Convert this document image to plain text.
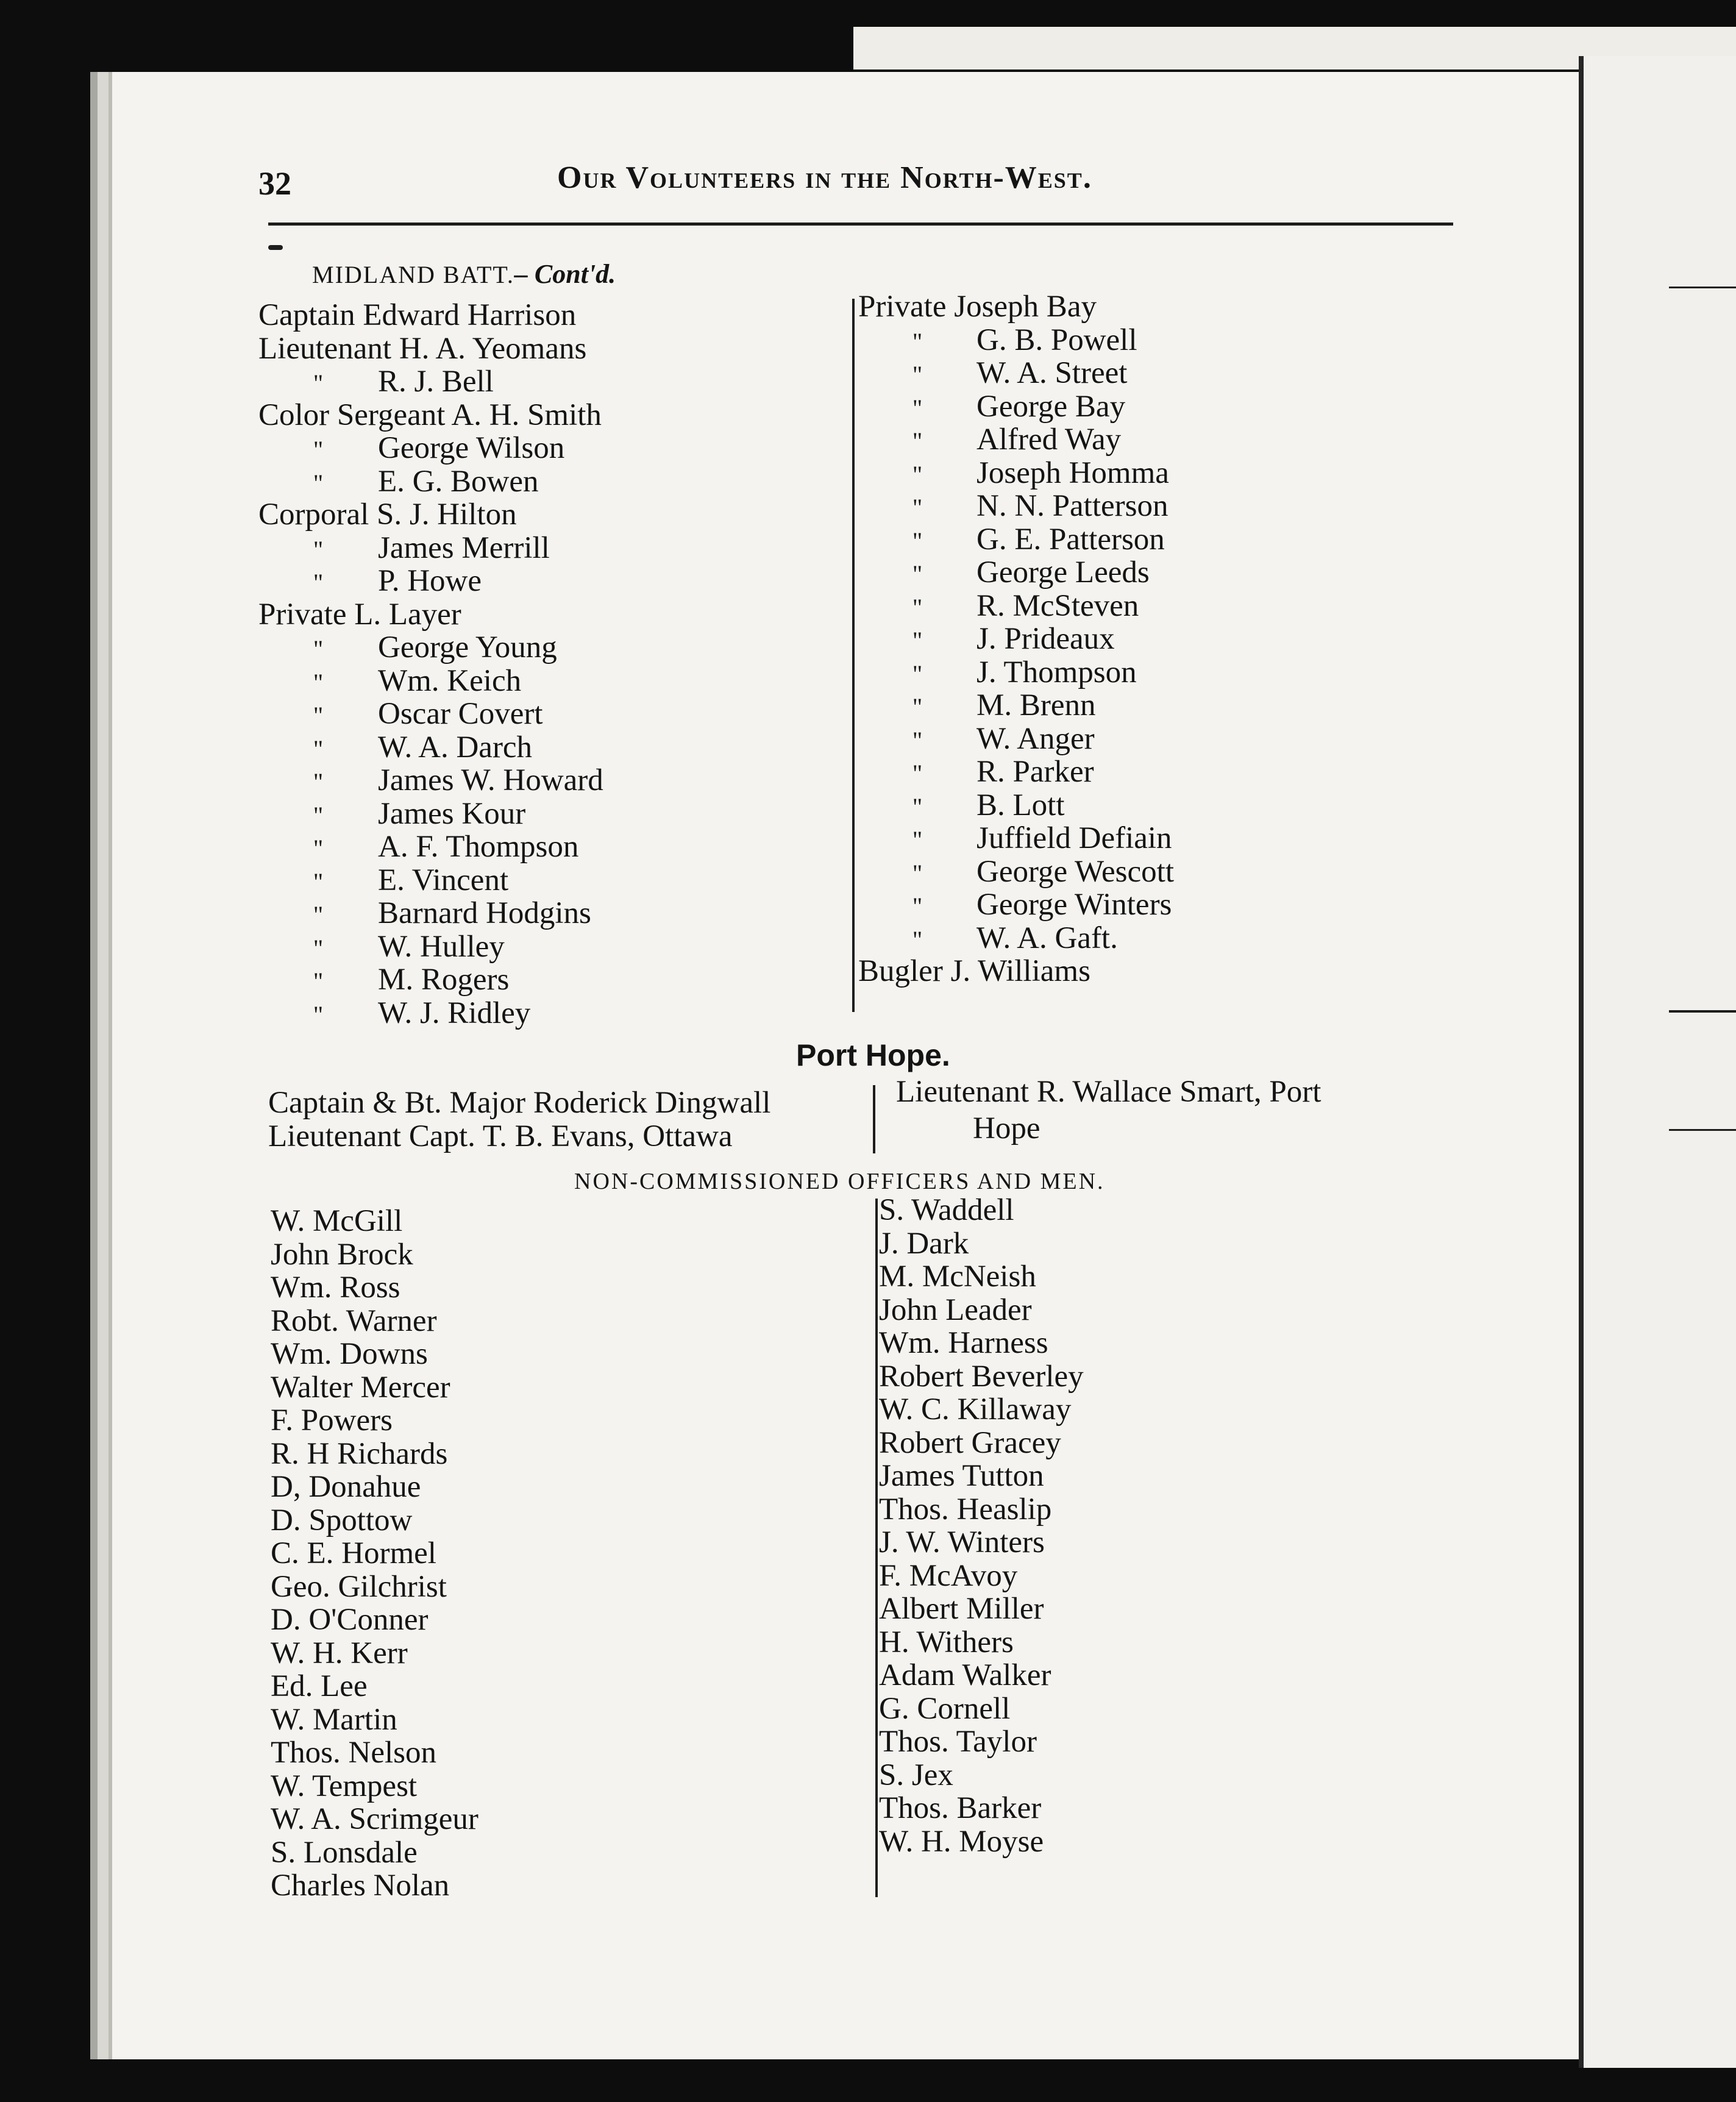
32	Our Volunteers in the North-West.
MIDLAND BATT.– Cont'd.
Captain Edward Harrison
Lieutenant H. A. Yeomans
" R. J. Bell
Color Sergeant A. H. Smith
" George Wilson
" E. G. Bowen
Corporal S. J. Hilton
" James Merrill
" P. Howe
Private L. Layer
" George Young
" Wm. Keich
" Oscar Covert
" W. A. Darch
" James W. Howard
" James Kour
" A. F. Thompson
" E. Vincent
" Barnard Hodgins
" W. Hulley
" M. Rogers
" W. J. Ridley
Private Joseph Bay
" G. B. Powell
" W. A. Street
" George Bay
" Alfred Way
" Joseph Homma
" N. N. Patterson
" G. E. Patterson
" George Leeds
" R. McSteven
" J. Prideaux
" J. Thompson
" M. Brenn
" W. Anger
" R. Parker
" B. Lott
" Juffield Defiain
" George Wescott
" George Winters
" W. A. Gaft.
Bugler J. Williams
Port Hope.
Captain & Bt. Major Roderick Dingwall
Lieutenant Capt. T. B. Evans, Ottawa
Lieutenant R. Wallace Smart, Port
Hope
NON-COMMISSIONED OFFICERS AND MEN.
W. McGill
John Brock
Wm. Ross
Robt. Warner
Wm. Downs
Walter Mercer
F. Powers
R. H Richards
D, Donahue
D. Spottow
C. E. Hormel
Geo. Gilchrist
D. O'Conner
W. H. Kerr
Ed. Lee
W. Martin
Thos. Nelson
W. Tempest
W. A. Scrimgeur
S. Lonsdale
Charles Nolan
S. Waddell
J. Dark
M. McNeish
John Leader
Wm. Harness
Robert Beverley
W. C. Killaway
Robert Gracey
James Tutton
Thos. Heaslip
J. W. Winters
F. McAvoy
Albert Miller
H. Withers
Adam Walker
G. Cornell
Thos. Taylor
S. Jex
Thos. Barker
W. H. Moyse
